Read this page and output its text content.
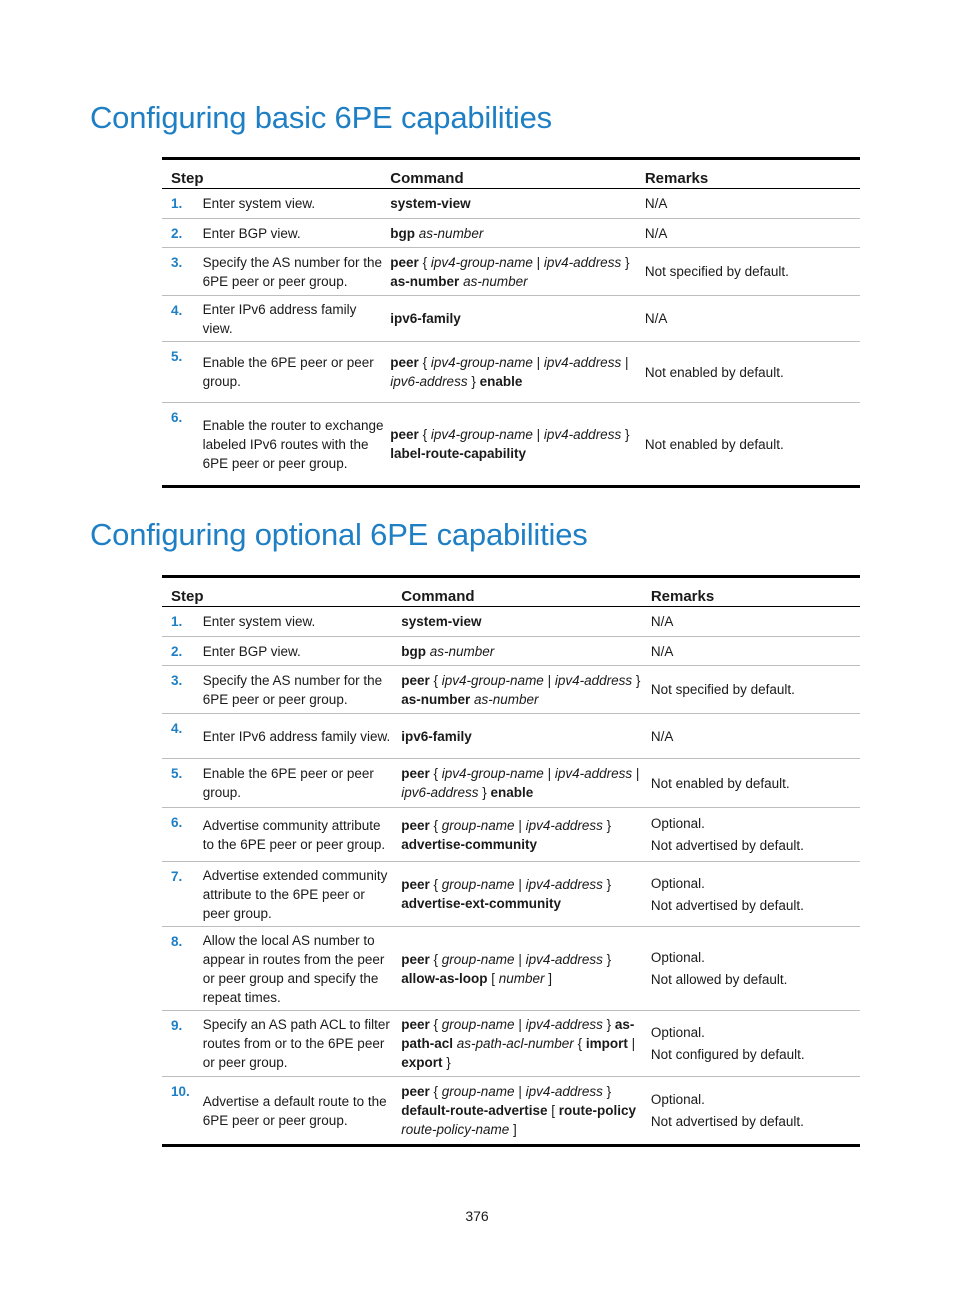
Configuring basic 6PE capabilities
Step		Command	Remarks
1.	Enter system view.	system-view	N/A

2.	Enter BGP view.	bgp as-number	N/A

3.	Specify the AS number for the 6PE peer or peer group.	peer { ipv4-group-name | ipv4-address } as-number as-number	Not specified by default.

4.	Enter IPv6 address family view.	ipv6-family	N/A

5.	Enable the 6PE peer or peer group.	peer { ipv4-group-name | ipv4-address | ipv6-address } enable	Not enabled by default.

6.	Enable the router to exchange labeled IPv6 routes with the 6PE peer or peer group.	peer { ipv4-group-name | ipv4-address } label-route-capability	Not enabled by default.
Configuring optional 6PE capabilities
Step		Command	Remarks
1.	Enter system view.	system-view	N/A

2.	Enter BGP view.	bgp as-number	N/A

3.	Specify the AS number for the 6PE peer or peer group.	peer { ipv4-group-name | ipv4-address } as-number as-number	Not specified by default.

4.	Enter IPv6 address family view.	ipv6-family	N/A

5.	Enable the 6PE peer or peer group.	peer { ipv4-group-name | ipv4-address | ipv6-address } enable	Not enabled by default.

6.	Advertise community attribute to the 6PE peer or peer group.	peer { group-name | ipv4-address } advertise-community	Optional.
Not advertised by default.

7.	Advertise extended community attribute to the 6PE peer or peer group.	peer { group-name | ipv4-address } advertise-ext-community	Optional.
Not advertised by default.

8.	Allow the local AS number to appear in routes from the peer or peer group and specify the repeat times.	peer { group-name | ipv4-address } allow-as-loop [ number ]	Optional.
Not allowed by default.

9.	Specify an AS path ACL to filter routes from or to the 6PE peer or peer group.	peer { group-name | ipv4-address } as-path-acl as-path-acl-number { import | export }	Optional.
Not configured by default.

10.	Advertise a default route to the 6PE peer or peer group.	peer { group-name | ipv4-address } default-route-advertise [ route-policy route-policy-name ]	Optional.
Not advertised by default.
376
